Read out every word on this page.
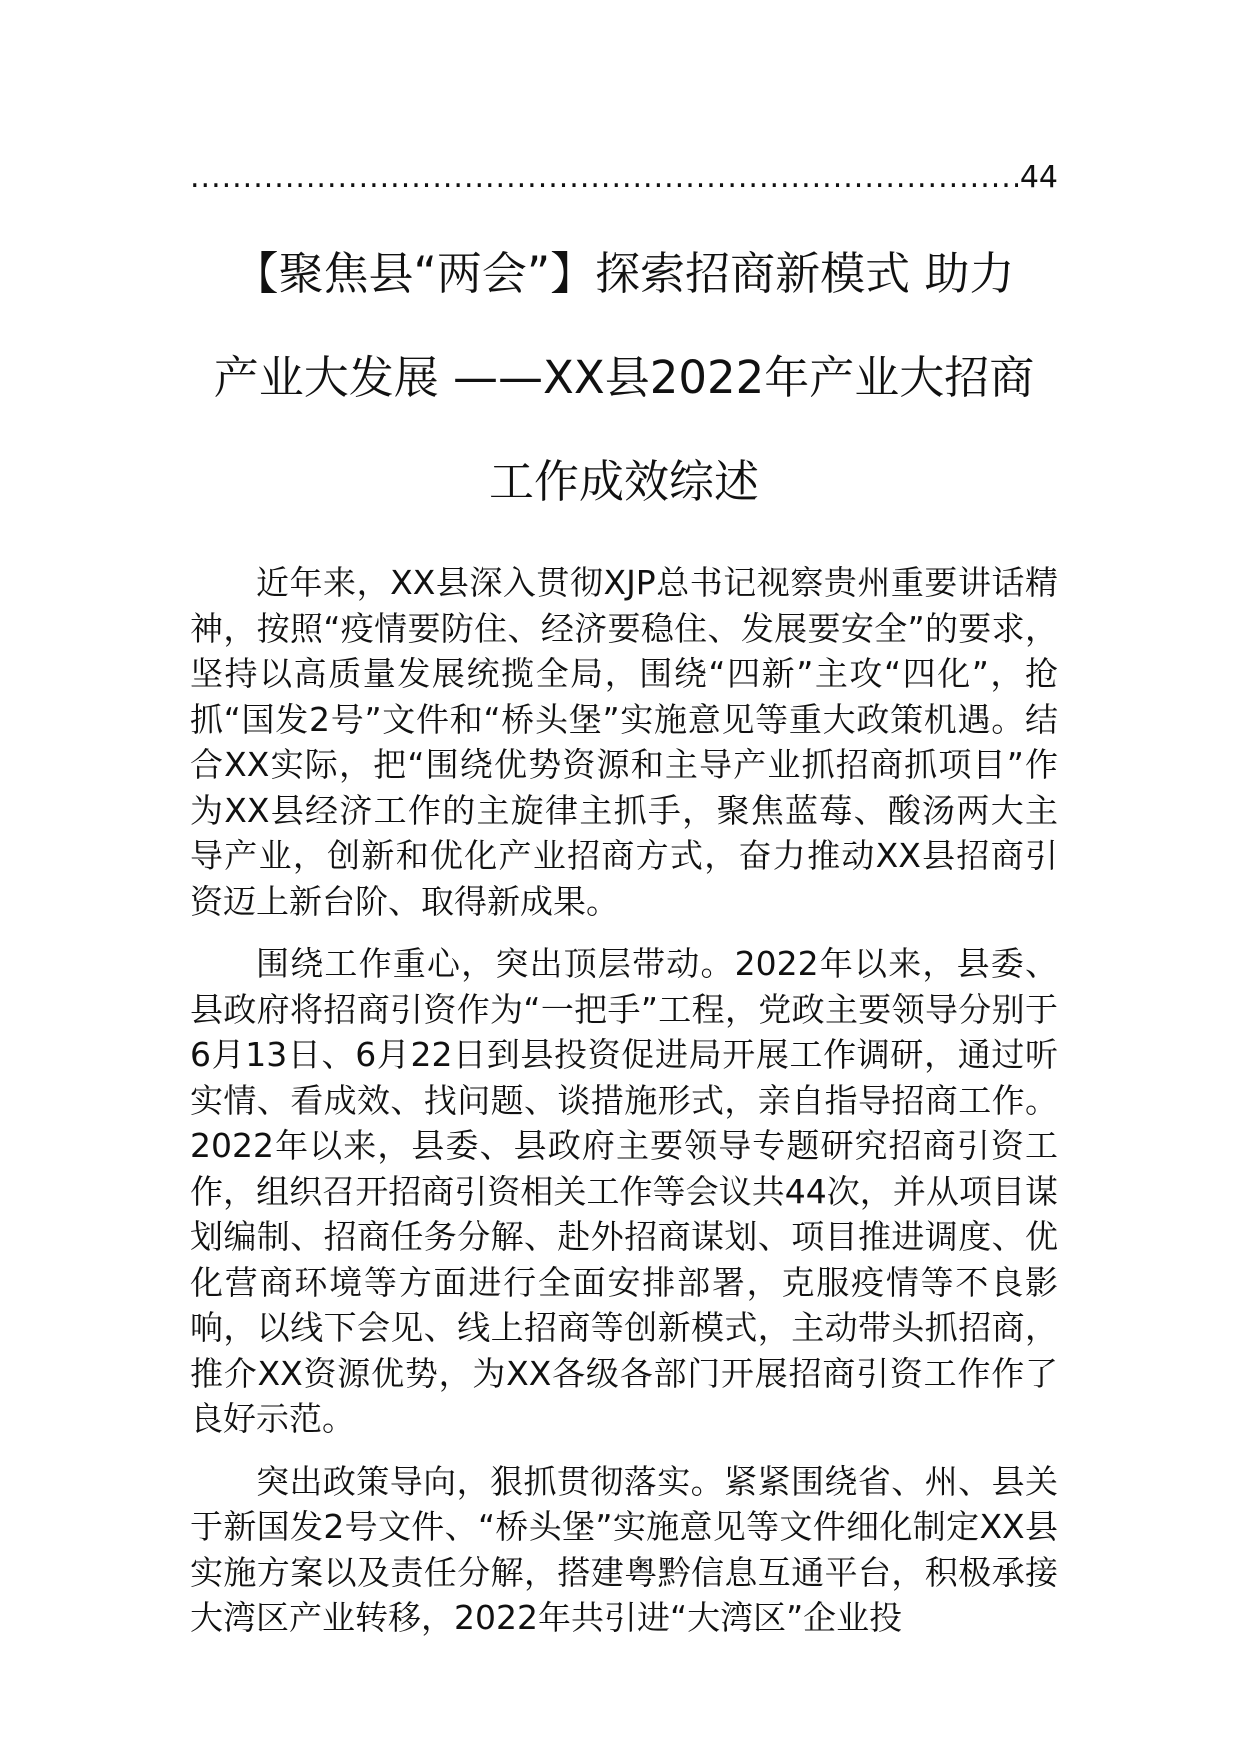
.....
44
【聚焦县“两会”】探索招商新模式 助力
产业大发展 ——XX县2022年产业大招商
工作成效综述

近年来，XX县深入贯彻XJP总书记视察贵州重要讲话精神，按照“疫情要防住、经济要稳住、发展要安全”的要求，坚持以高质量发展统揽全局，围绕“四新”主攻“四化”，抢抓“国发2号”文件和“桥头堡”实施意见等重大政策机遇。结合XX实际，把“围绕优势资源和主导产业抓招商抓项目”作为XX县经济工作的主旋律主抓手，聚焦蓝莓、酸汤两大主导产业，创新和优化产业招商方式，奋力推动XX县招商引资迈上新台阶、取得新成果。

围绕工作重心，突出顶层带动。2022年以来，县委、县政府将招商引资作为“一把手”工程，党政主要领导分别于6月13日、6月22日到县投资促进局开展工作调研，通过听实情、看成效、找问题、谈措施形式，亲自指导招商工作。2022年以来，县委、县政府主要领导专题研究招商引资工作，组织召开招商引资相关工作等会议共44次，并从项目谋划编制、招商任务分解、赴外招商谋划、项目推进调度、优化营商环境等方面进行全面安排部署，克服疫情等不良影响，以线下会见、线上招商等创新模式，主动带头抓招商，推介XX资源优势，为XX各级各部门开展招商引资工作作了良好示范。

突出政策导向，狠抓贯彻落实。紧紧围绕省、州、县关于新国发2号文件、“桥头堡”实施意见等文件细化制定XX县实施方案以及责任分解，搭建粤黔信息互通平台，积极承接大湾区产业转移，2022年共引进“大湾区”企业投
